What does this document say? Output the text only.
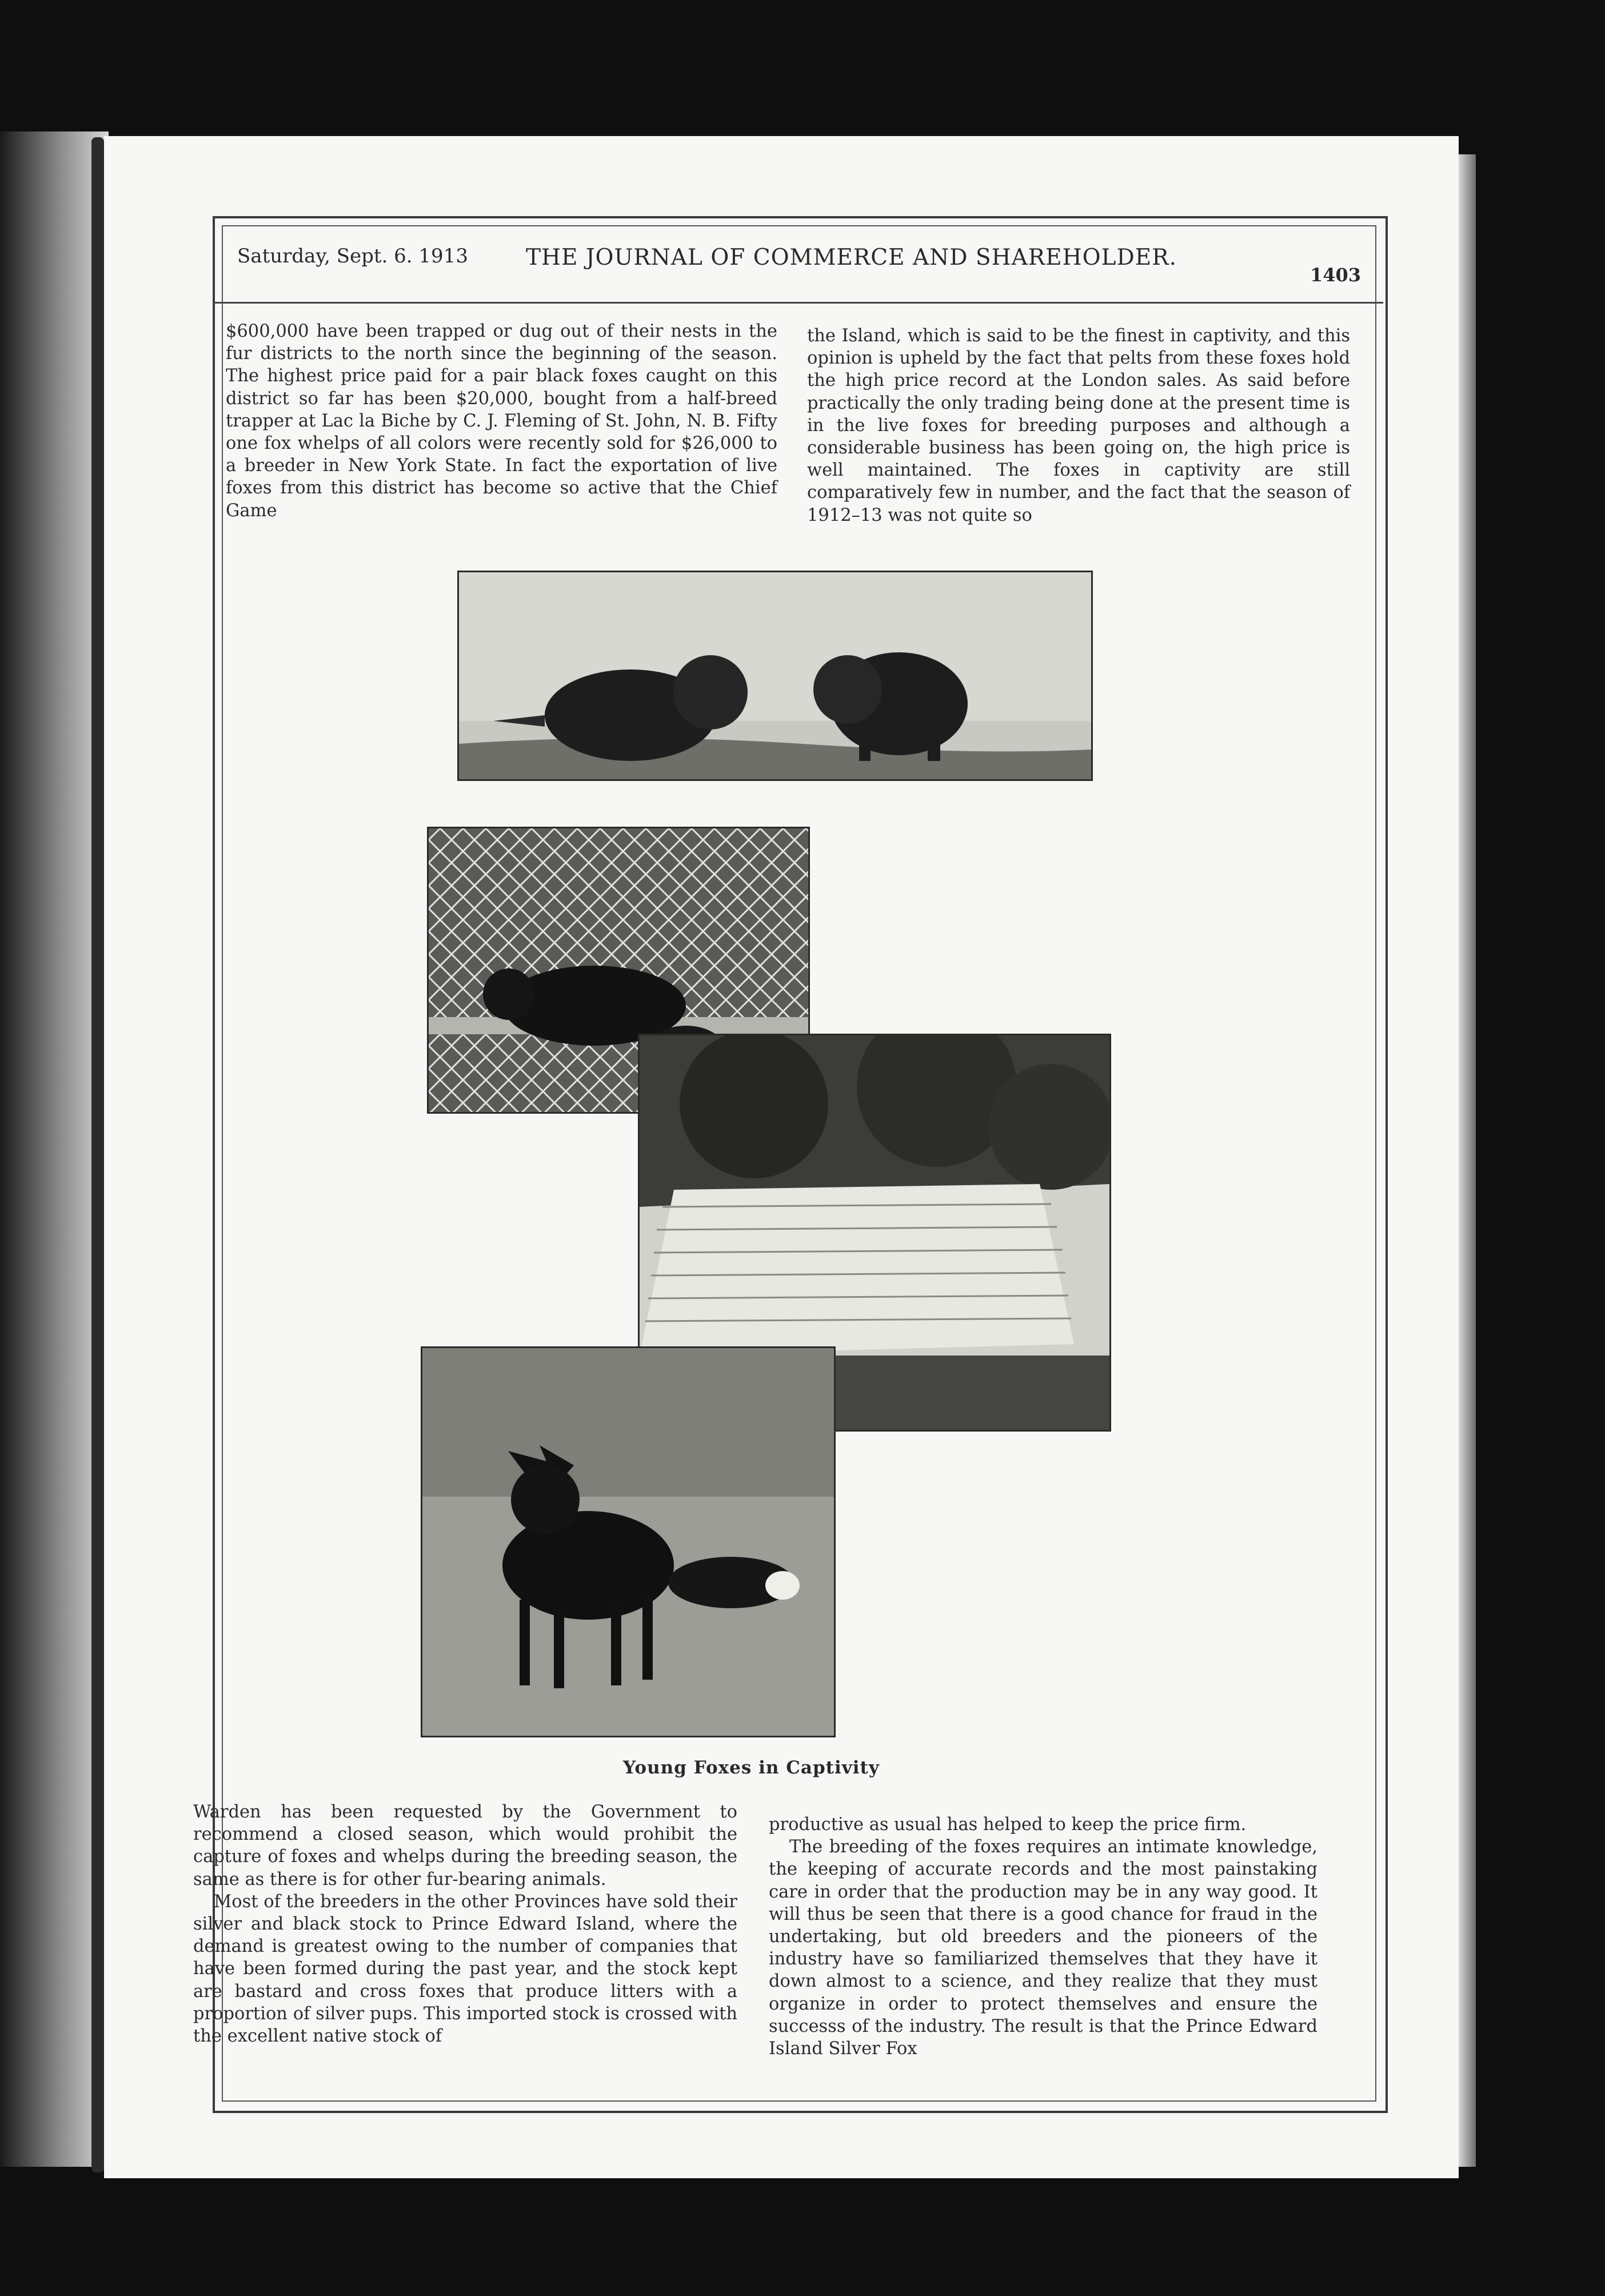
Saturday, Sept. 6. 1913	THE JOURNAL OF COMMERCE AND SHAREHOLDER.
1403

$600,000 have been trapped or dug out of their nests in the fur districts to the north since the beginning of the season. The highest price paid for a pair black foxes caught on this district so far has been $20,000, bought from a half-breed trapper at Lac la Biche by C. J. Fleming of St. John, N. B. Fifty one fox whelps of all colors were recently sold for $26,000 to a breeder in New York State. In fact the exportation of live foxes from this district has become so active that the Chief Game

the Island, which is said to be the finest in captivity, and this opinion is upheld by the fact that pelts from these foxes hold the high price record at the London sales. As said before practically the only trading being done at the present time is in the live foxes for breeding purposes and although a considerable business has been going on, the high price is well maintained. The foxes in captivity are still comparatively few in number, and the fact that the season of 1912–13 was not quite so

Young Foxes in Captivity

Warden has been requested by the Government to recommend a closed season, which would prohibit the capture of foxes and whelps during the breeding season, the same as there is for other fur-bearing animals.

Most of the breeders in the other Provinces have sold their silver and black stock to Prince Edward Island, where the demand is greatest owing to the number of companies that have been formed during the past year, and the stock kept are bastard and cross foxes that produce litters with a proportion of silver pups. This imported stock is crossed with the excellent native stock of

productive as usual has helped to keep the price firm.

The breeding of the foxes requires an intimate knowledge, the keeping of accurate records and the most painstaking care in order that the production may be in any way good. It will thus be seen that there is a good chance for fraud in the undertaking, but old breeders and the pioneers of the industry have so familiarized themselves that they have it down almost to a science, and they realize that they must organize in order to protect themselves and ensure the successs of the industry. The result is that the Prince Edward Island Silver Fox
